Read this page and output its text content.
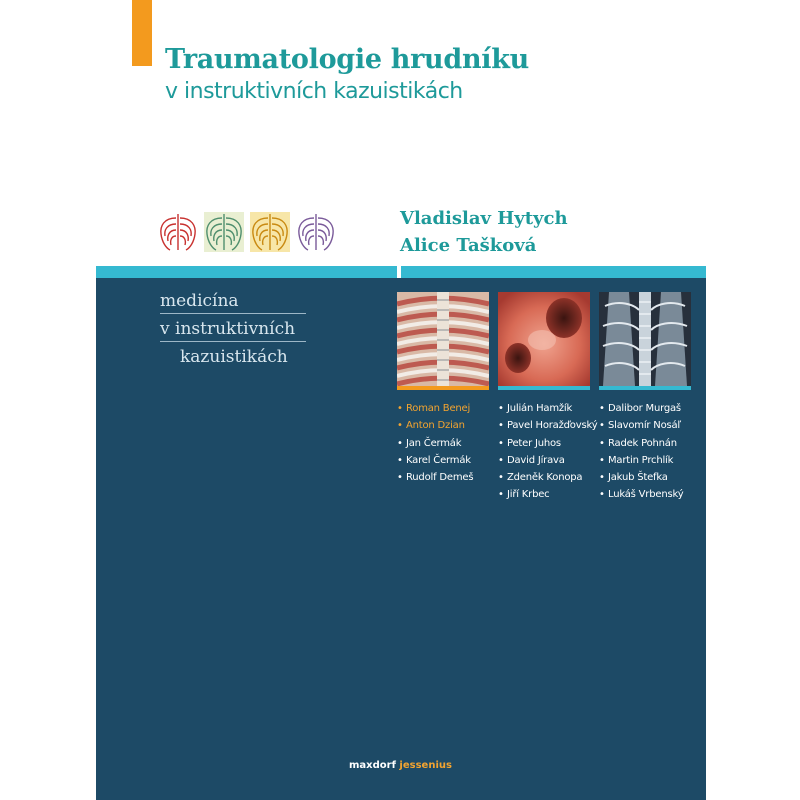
Traumatologie hrudníku
v instruktivních kazuistikách
Vladislav Hytych
Alice Tašková
medicína
v instruktivních
kazuistikách
• Roman Benej
• Anton Dzian
• Jan Čermák
• Karel Čermák
• Rudolf Demeš
• Julián Hamžík
• Pavel Horažďovský
• Peter Juhos
• David Jírava
• Zdeněk Konopa
• Jiří Krbec
• Dalibor Murgaš
• Slavomír Nosáľ
• Radek Pohnán
• Martin Prchlík
• Jakub Štefka
• Lukáš Vrbenský
maxdorf jessenius
